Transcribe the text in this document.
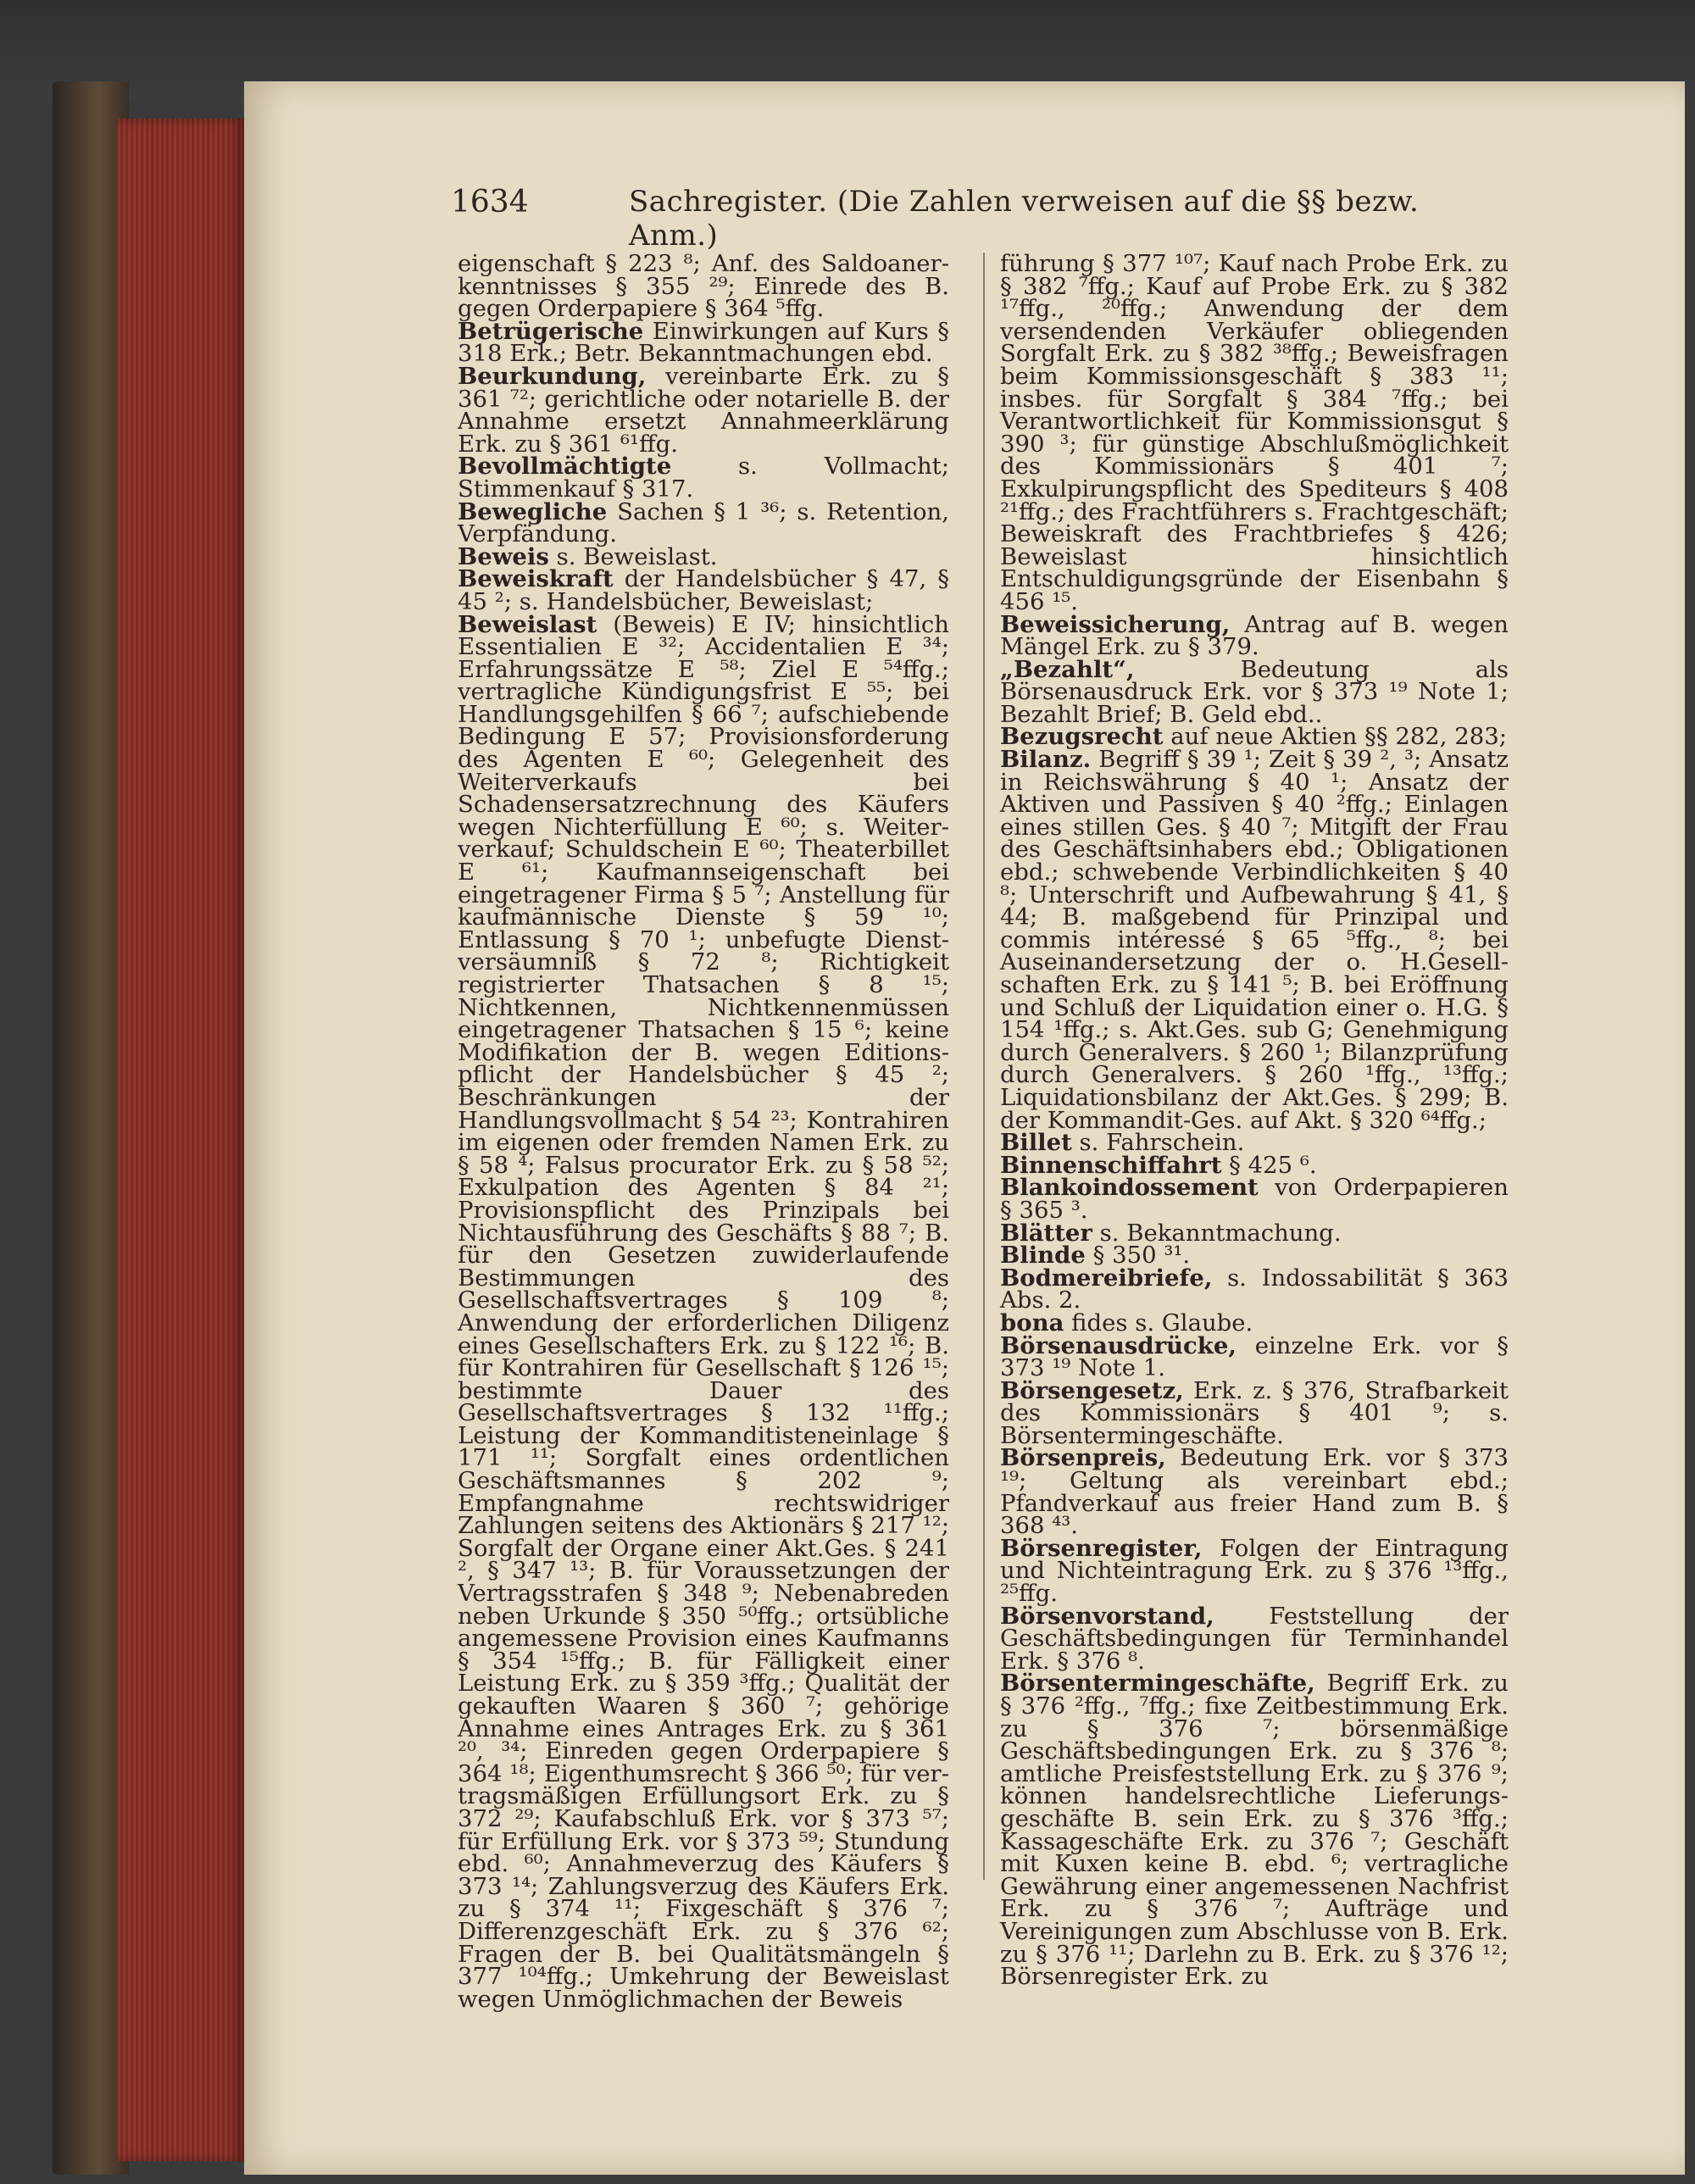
1634	Sachregister. (Die Zahlen verweisen auf die §§ bezw. Anm.)

eigenschaft § 223 ⁸; Anf. des Saldoanerkenntnisses § 355 ²⁹; Einrede des B. gegen Orderpapiere § 364 ⁵ffg.

Betrügerische Einwirkungen auf Kurs § 318 Erk.; Betr. Bekanntmachungen ebd.

Beurkundung, vereinbarte Erk. zu § 361 ⁷²; gerichtliche oder notarielle B. der Annahme ersetzt Annahmeerklärung Erk. zu § 361 ⁶¹ffg.

Bevollmächtigte s. Vollmacht; Stimmenkauf § 317.

Bewegliche Sachen § 1 ³⁶; s. Retention, Verpfändung.

Beweis s. Beweislast.

Beweiskraft der Handelsbücher § 47, § 45 ²; s. Handelsbücher, Beweislast;

Beweislast (Beweis) E IV; hinsichtlich Essentialien E ³²; Accidentalien E ³⁴; Erfahrungssätze E ⁵⁸; Ziel E ⁵⁴ffg.; vertragliche Kündigungsfrist E ⁵⁵; bei Handlungsgehilfen § 66 ⁷; aufschiebende Bedingung E 57; Provisionsforderung des Agenten E ⁶⁰; Gelegenheit des Weiterverkaufs bei Schadensersatzrechnung des Käufers wegen Nichterfüllung E ⁶⁰; s. Weiterverkauf; Schuldschein E ⁶⁰; Theaterbillet E ⁶¹; Kaufmannseigenschaft bei eingetragener Firma § 5 ⁷; Anstellung für kaufmännische Dienste § 59 ¹⁰; Entlassung § 70 ¹; unbefugte Dienstversäumniß § 72 ⁸; Richtigkeit registrierter Thatsachen § 8 ¹⁵; Nichtkennen, Nichtkennenmüssen eingetragener Thatsachen § 15 ⁶; keine Modifikation der B. wegen Editionspflicht der Handelsbücher § 45 ²; Beschränkungen der Handlungsvollmacht § 54 ²³; Kontrahiren im eigenen oder fremden Namen Erk. zu § 58 ⁴; Falsus procurator Erk. zu § 58 ⁵²; Exkulpation des Agenten § 84 ²¹; Provisionspflicht des Prinzipals bei Nichtausführung des Geschäfts § 88 ⁷; B. für den Gesetzen zuwiderlaufende Bestimmungen des Gesellschaftsvertrages § 109 ⁸; Anwendung der erforderlichen Diligenz eines Gesellschafters Erk. zu § 122 ¹⁶; B. für Kontrahiren für Gesellschaft § 126 ¹⁵; bestimmte Dauer des Gesellschaftsvertrages § 132 ¹¹ffg.; Leistung der Kommanditisteneinlage § 171 ¹¹; Sorgfalt eines ordentlichen Geschäftsmannes § 202 ⁹; Empfangnahme rechtswidriger Zahlungen seitens des Aktionärs § 217 ¹²; Sorgfalt der Organe einer Akt.Ges. § 241 ², § 347 ¹³; B. für Voraussetzungen der Vertragsstrafen § 348 ⁹; Nebenabreden neben Urkunde § 350 ⁵⁰ffg.; ortsübliche angemessene Provision eines Kaufmanns § 354 ¹⁵ffg.; B. für Fälligkeit einer Leistung Erk. zu § 359 ³ffg.; Qualität der gekauften Waaren § 360 ⁷; gehörige Annahme eines Antrages Erk. zu § 361 ²⁰, ³⁴; Einreden gegen Orderpapiere § 364 ¹⁸; Eigenthumsrecht § 366 ⁵⁰; für vertragsmäßigen Erfüllungsort Erk. zu § 372 ²⁹; Kaufabschluß Erk. vor § 373 ⁵⁷; für Erfüllung Erk. vor § 373 ⁵⁹; Stundung ebd. ⁶⁰; Annahmeverzug des Käufers § 373 ¹⁴; Zahlungsverzug des Käufers Erk. zu § 374 ¹¹; Fixgeschäft § 376 ⁷; Differenzgeschäft Erk. zu § 376 ⁶²; Fragen der B. bei Qualitätsmängeln § 377 ¹⁰⁴ffg.; Umkehrung der Beweislast wegen Unmöglichmachen der Beweis

führung § 377 ¹⁰⁷; Kauf nach Probe Erk. zu § 382 ⁷ffg.; Kauf auf Probe Erk. zu § 382 ¹⁷ffg., ²⁰ffg.; Anwendung der dem versendenden Verkäufer obliegenden Sorgfalt Erk. zu § 382 ³⁸ffg.; Beweisfragen beim Kommissionsgeschäft § 383 ¹¹; insbes. für Sorgfalt § 384 ⁷ffg.; bei Verantwortlichkeit für Kommissionsgut § 390 ³; für günstige Abschlußmöglichkeit des Kommissionärs § 401 ⁷; Exkulpirungspflicht des Spediteurs § 408 ²¹ffg.; des Frachtführers s. Frachtgeschäft; Beweiskraft des Frachtbriefes § 426; Beweislast hinsichtlich Entschuldigungsgründe der Eisenbahn § 456 ¹⁵.

Beweissicherung, Antrag auf B. wegen Mängel Erk. zu § 379.

„Bezahlt“, Bedeutung als Börsenausdruck Erk. vor § 373 ¹⁹ Note 1; Bezahlt Brief; B. Geld ebd..

Bezugsrecht auf neue Aktien §§ 282, 283;

Bilanz. Begriff § 39 ¹; Zeit § 39 ², ³; Ansatz in Reichswährung § 40 ¹; Ansatz der Aktiven und Passiven § 40 ²ffg.; Einlagen eines stillen Ges. § 40 ⁷; Mitgift der Frau des Geschäftsinhabers ebd.; Obligationen ebd.; schwebende Verbindlichkeiten § 40 ⁸; Unterschrift und Aufbewahrung § 41, § 44; B. maßgebend für Prinzipal und commis intéressé § 65 ⁵ffg., ⁸; bei Auseinandersetzung der o. H.Gesellschaften Erk. zu § 141 ⁵; B. bei Eröffnung und Schluß der Liquidation einer o. H.G. § 154 ¹ffg.; s. Akt.Ges. sub G; Genehmigung durch Generalvers. § 260 ¹; Bilanzprüfung durch Generalvers. § 260 ¹ffg., ¹³ffg.; Liquidationsbilanz der Akt.Ges. § 299; B. der Kommandit-Ges. auf Akt. § 320 ⁶⁴ffg.;

Billet s. Fahrschein.

Binnenschiffahrt § 425 ⁶.

Blankoindossement von Orderpapieren § 365 ³.

Blätter s. Bekanntmachung.

Blinde § 350 ³¹.

Bodmereibriefe, s. Indossabilität § 363 Abs. 2.

bona fides s. Glaube.

Börsenausdrücke, einzelne Erk. vor § 373 ¹⁹ Note 1.

Börsengesetz, Erk. z. § 376, Strafbarkeit des Kommissionärs § 401 ⁹; s. Börsentermingeschäfte.

Börsenpreis, Bedeutung Erk. vor § 373 ¹⁹; Geltung als vereinbart ebd.; Pfandverkauf aus freier Hand zum B. § 368 ⁴³.

Börsenregister, Folgen der Eintragung und Nichteintragung Erk. zu § 376 ¹³ffg., ²⁵ffg.

Börsenvorstand, Feststellung der Geschäftsbedingungen für Terminhandel Erk. § 376 ⁸.

Börsentermingeschäfte, Begriff Erk. zu § 376 ²ffg., ⁷ffg.; fixe Zeitbestimmung Erk. zu § 376 ⁷; börsenmäßige Geschäftsbedingungen Erk. zu § 376 ⁸; amtliche Preisfeststellung Erk. zu § 376 ⁹; können handelsrechtliche Lieferungsgeschäfte B. sein Erk. zu § 376 ³ffg.; Kassageschäfte Erk. zu 376 ⁷; Geschäft mit Kuxen keine B. ebd. ⁶; vertragliche Gewährung einer angemessenen Nachfrist Erk. zu § 376 ⁷; Aufträge und Vereinigungen zum Abschlusse von B. Erk. zu § 376 ¹¹; Darlehn zu B. Erk. zu § 376 ¹²; Börsenregister Erk. zu
